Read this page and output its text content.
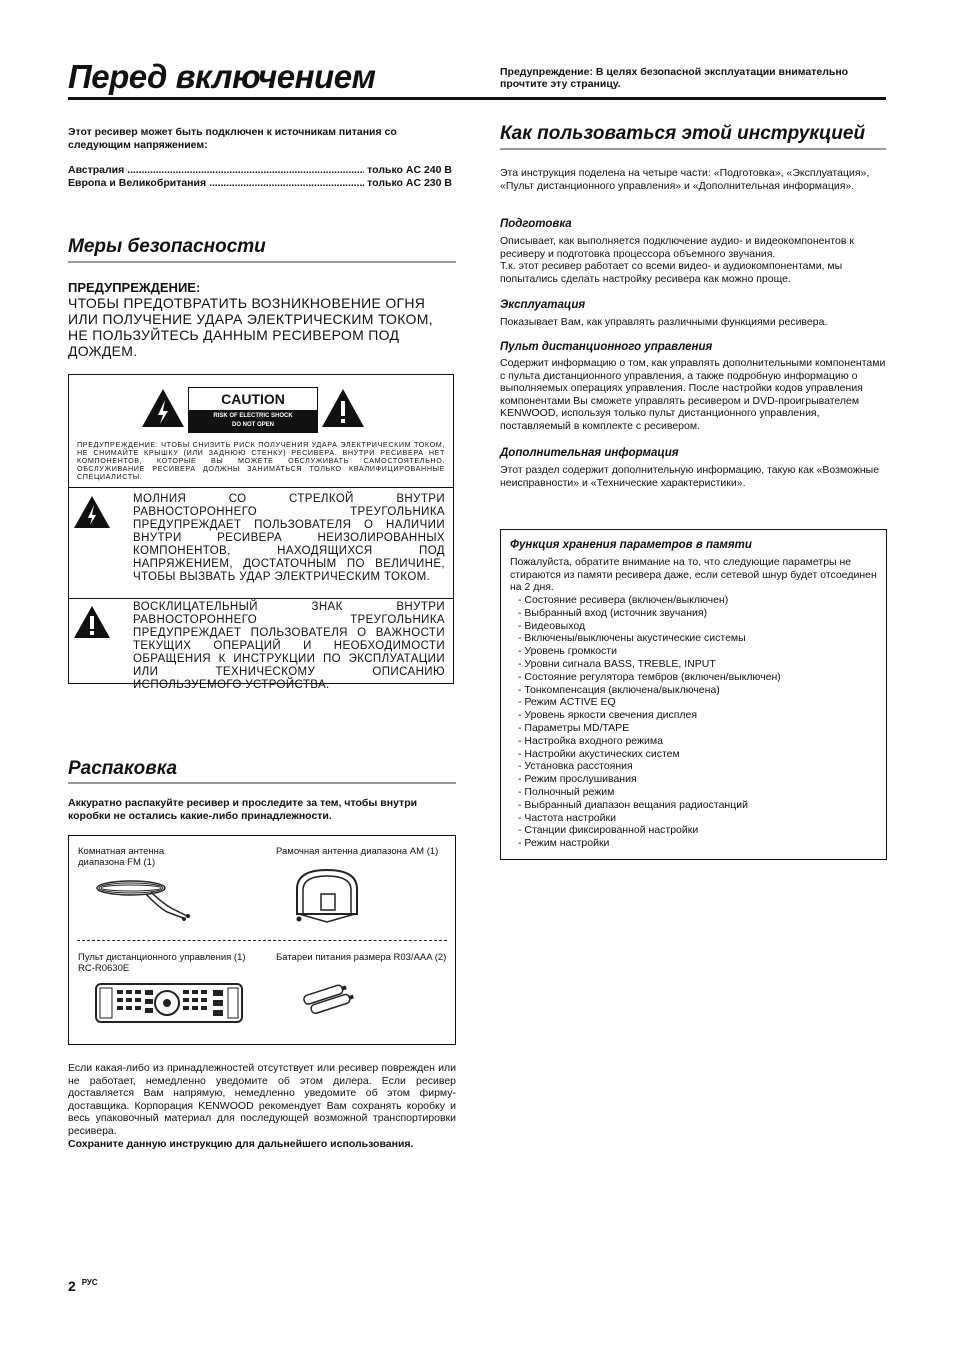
Перед включением	Предупреждение: В целях безопасной эксплуатации внимательно прочтите эту страницу.
Этот ресивер может быть подключен к источникам питания со следующим напряжением:
Австралия . . .	только AC 240 В
Европа и Великобритания . . .	только AC 230 В
Меры безопасности
ПРЕДУПРЕЖДЕНИЕ:
ЧТОБЫ ПРЕДОТВРАТИТЬ ВОЗНИКНОВЕНИЕ ОГНЯ ИЛИ ПОЛУЧЕНИЕ УДАРА ЭЛЕКТРИЧЕСКИМ ТОКОМ, НЕ ПОЛЬЗУЙТЕСЬ ДАННЫМ РЕСИВЕРОМ ПОД ДОЖДЕМ.
CAUTION
RISK OF ELECTRIC SHOCK
DO NOT OPEN
ПРЕДУПРЕЖДЕНИЕ: ЧТОБЫ СНИЗИТЬ РИСК ПОЛУЧЕНИЯ УДАРА ЭЛЕКТРИЧЕСКИМ ТОКОМ, НЕ СНИМАЙТЕ КРЫШКУ (ИЛИ ЗАДНЮЮ СТЕНКУ) РЕСИВЕРА. ВНУТРИ РЕСИВЕРА НЕТ КОМПОНЕНТОВ, КОТОРЫЕ ВЫ МОЖЕТЕ ОБСЛУЖИВАТЬ САМОСТОЯТЕЛЬНО. ОБСЛУЖИВАНИЕ РЕСИВЕРА ДОЛЖНЫ ЗАНИМАТЬСЯ ТОЛЬКО КВАЛИФИЦИРОВАННЫЕ СПЕЦИАЛИСТЫ.
МОЛНИЯ СО СТРЕЛКОЙ ВНУТРИ РАВНОСТОРОННЕГО ТРЕУГОЛЬНИКА ПРЕДУПРЕЖДАЕТ ПОЛЬЗОВАТЕЛЯ О НАЛИЧИИ ВНУТРИ РЕСИВЕРА НЕИЗОЛИРОВАННЫХ КОМПОНЕНТОВ, НАХОДЯЩИХСЯ ПОД НАПРЯЖЕНИЕМ, ДОСТАТОЧНЫМ ПО ВЕЛИЧИНЕ, ЧТОБЫ ВЫЗВАТЬ УДАР ЭЛЕКТРИЧЕСКИМ ТОКОМ.
ВОСКЛИЦАТЕЛЬНЫЙ ЗНАК ВНУТРИ РАВНОСТОРОННЕГО ТРЕУГОЛЬНИКА ПРЕДУПРЕЖДАЕТ ПОЛЬЗОВАТЕЛЯ О ВАЖНОСТИ ТЕКУЩИХ ОПЕРАЦИЙ И НЕОБХОДИМОСТИ ОБРАЩЕНИЯ К ИНСТРУКЦИИ ПО ЭКСПЛУАТАЦИИ ИЛИ ТЕХНИЧЕСКОМУ ОПИСАНИЮ ИСПОЛЬЗУЕМОГО УСТРОЙСТВА.
Распаковка
Аккуратно распакуйте ресивер и проследите за тем, чтобы внутри коробки не остались какие-либо принадлежности.
Комнатная антенна диапазона FM (1)
Рамочная антенна диапазона AM (1)
Пульт дистанционного управления (1)
RC-R0630E
Батареи питания размера R03/AAA (2)
Если какая-либо из принадлежностей отсутствует или ресивер поврежден или не работает, немедленно уведомите об этом дилера. Если ресивер доставляется Вам напрямую, немедленно уведомите об этом фирму-доставщика. Корпорация KENWOOD рекомендует Вам сохранять коробку и весь упаковочный материал для последующей возможной транспортировки ресивера.
Сохраните данную инструкцию для дальнейшего использования.
Как пользоваться этой инструкцией
Эта инструкция поделена на четыре части: «Подготовка», «Эксплуатация», «Пульт дистанционного управления» и «Дополнительная информация».
Подготовка
Описывает, как выполняется подключение аудио- и видеокомпонентов к ресиверу и подготовка процессора объемного звучания.
Т.к. этот ресивер работает со всеми видео- и аудиокомпонентами, мы попытались сделать настройку ресивера как можно проще.
Эксплуатация
Показывает Вам, как управлять различными функциями ресивера.
Пульт дистанционного управления
Содержит информацию о том, как управлять дополнительными компонентами с пульта дистанционного управления, а также подробную информацию о выполняемых операциях управления. После настройки кодов управления компонентами Вы сможете управлять ресивером и DVD-проигрывателем KENWOOD, используя только пульт дистанционного управления, поставляемый в комплекте с ресивером.
Дополнительная информация
Этот раздел содержит дополнительную информацию, такую как «Возможные неисправности» и «Технические характеристики».
Функция хранения параметров в памяти
Пожалуйста, обратите внимание на то, что следующие параметры не стираются из памяти ресивера даже, если сетевой шнур будет отсоединен на 2 дня.
- Состояние ресивера (включен/выключен)
- Выбранный вход (источник звучания)
- Видеовыход
- Включены/выключены акустические системы
- Уровень громкости
- Уровни сигнала BASS, TREBLE, INPUT
- Состояние регулятора тембров (включен/выключен)
- Тонкомпенсация (включена/выключена)
- Режим ACTIVE EQ
- Уровень яркости свечения дисплея
- Параметры MD/TAPE
- Настройка входного режима
- Настройки акустических систем
- Установка расстояния
- Режим прослушивания
- Полночный режим
- Выбранный диапазон вещания радиостанций
- Частота настройки
- Станции фиксированной настройки
- Режим настройки
2 $^{РУС}$
